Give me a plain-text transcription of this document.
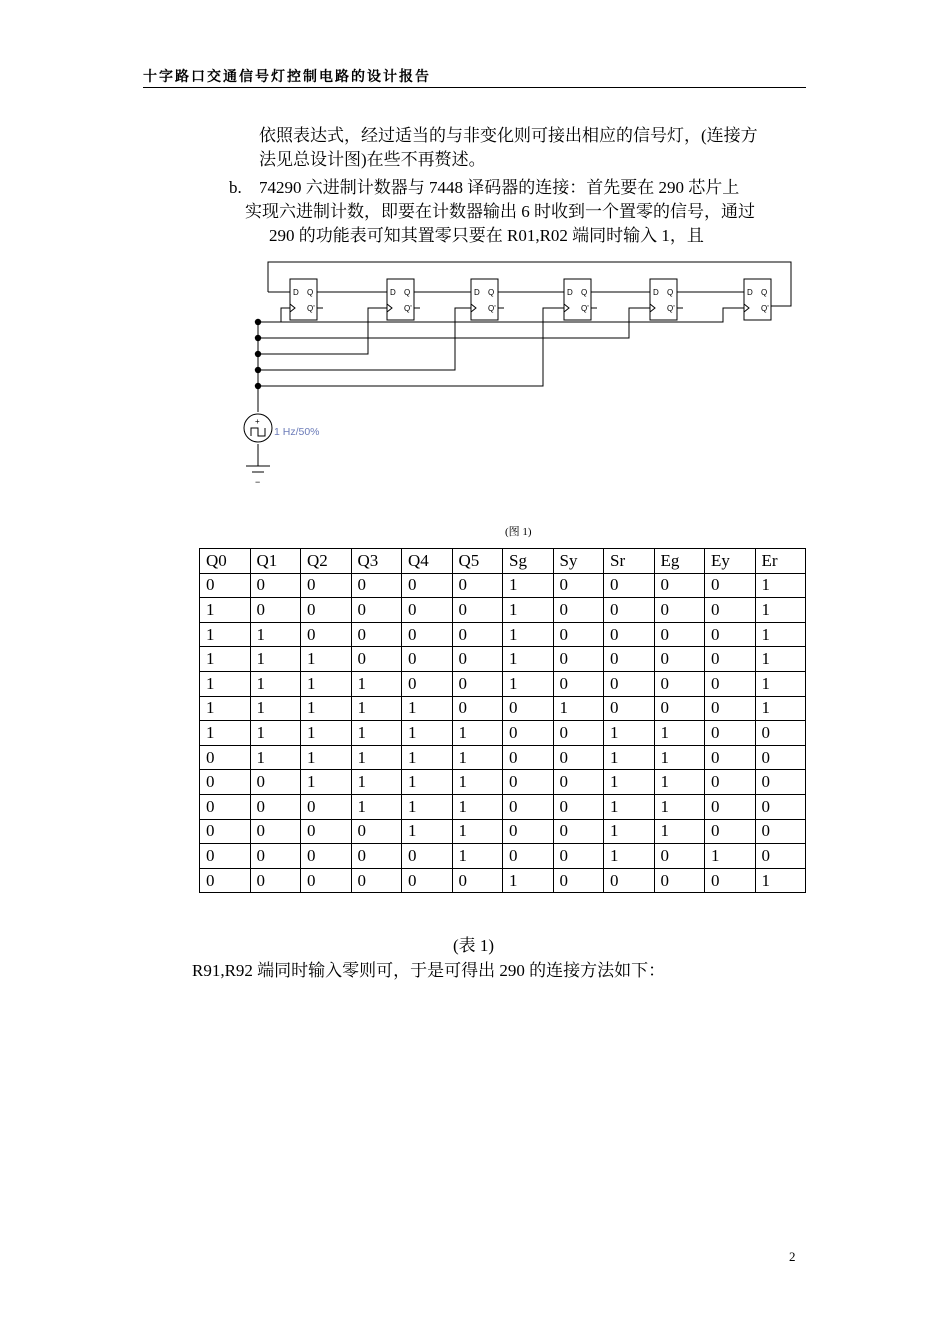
十字路口交通信号灯控制电路的设计报告
依照表达式，经过适当的与非变化则可接出相应的信号灯，(连接方
法见总设计图)在些不再赘述。
b. 74290 六进制计数器与 7448 译码器的连接：首先要在 290 芯片上
实现六进制计数，即要在计数器输出 6 时收到一个置零的信号，通过
290 的功能表可知其置零只要在 R01,R02 端同时输入 1，且
D Q
Q'
D Q
Q'
D Q
Q'
D Q
Q'
D Q
Q'
D Q
Q'
+
−
1 Hz/50%
(图 1)
Q0	Q1	Q2	Q3	Q4	Q5	Sg	Sy	Sr	Eg	Ey	Er
0	0	0	0	0	0	1	0	0	0	0	1
1	0	0	0	0	0	1	0	0	0	0	1
1	1	0	0	0	0	1	0	0	0	0	1
1	1	1	0	0	0	1	0	0	0	0	1
1	1	1	1	0	0	1	0	0	0	0	1
1	1	1	1	1	0	0	1	0	0	0	1
1	1	1	1	1	1	0	0	1	1	0	0
0	1	1	1	1	1	0	0	1	1	0	0
0	0	1	1	1	1	0	0	1	1	0	0
0	0	0	1	1	1	0	0	1	1	0	0
0	0	0	0	1	1	0	0	1	1	0	0
0	0	0	0	0	1	0	0	1	0	1	0
0	0	0	0	0	0	1	0	0	0	0	1
(表 1)
R91,R92 端同时输入零则可，于是可得出 290 的连接方法如下：
2
